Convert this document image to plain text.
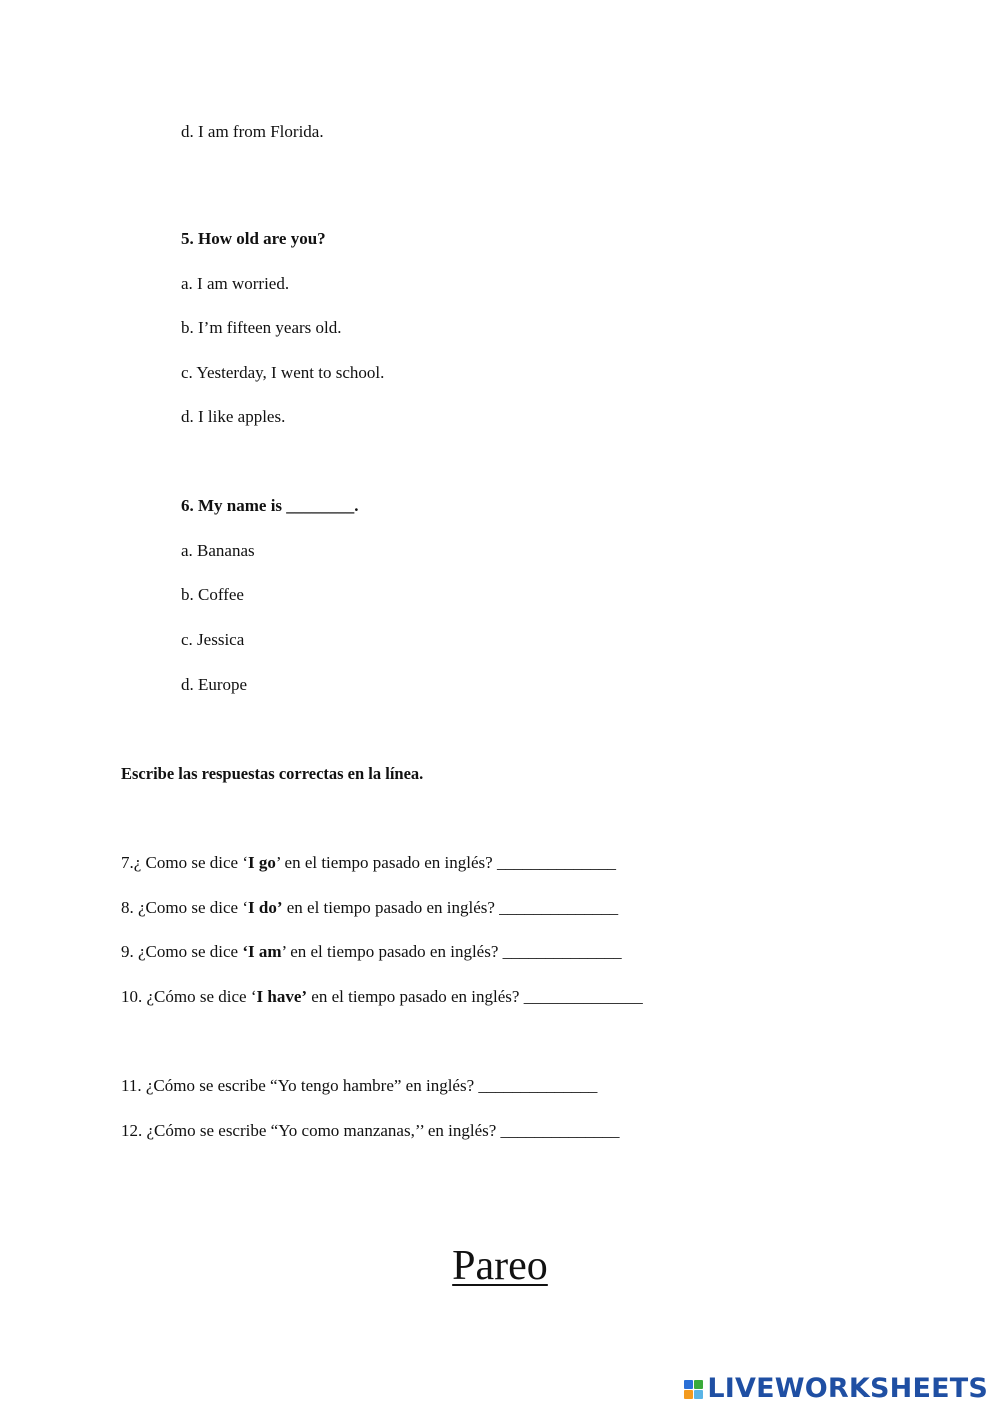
d. I am from Florida.
5. How old are you?
a. I am worried.
b. I’m fifteen years old.
c. Yesterday, I went to school.
d. I like apples.
6. My name is ________.
a. Bananas
b. Coffee
c. Jessica
d. Europe
Escribe las respuestas correctas en la línea.
7.¿ Como se dice ‘I go’ en el tiempo pasado en inglés? ______________
8. ¿Como se dice ‘I do’ en el tiempo pasado en inglés? ______________
9. ¿Como se dice ‘I am’ en el tiempo pasado en inglés? ______________
10. ¿Cómo se dice ‘I have’ en el tiempo pasado en inglés? ______________
11. ¿Cómo se escribe “Yo tengo hambre” en inglés? ______________
12. ¿Cómo se escribe “Yo como manzanas,’’ en inglés? ______________
Pareo
LIVEWORKSHEETS
